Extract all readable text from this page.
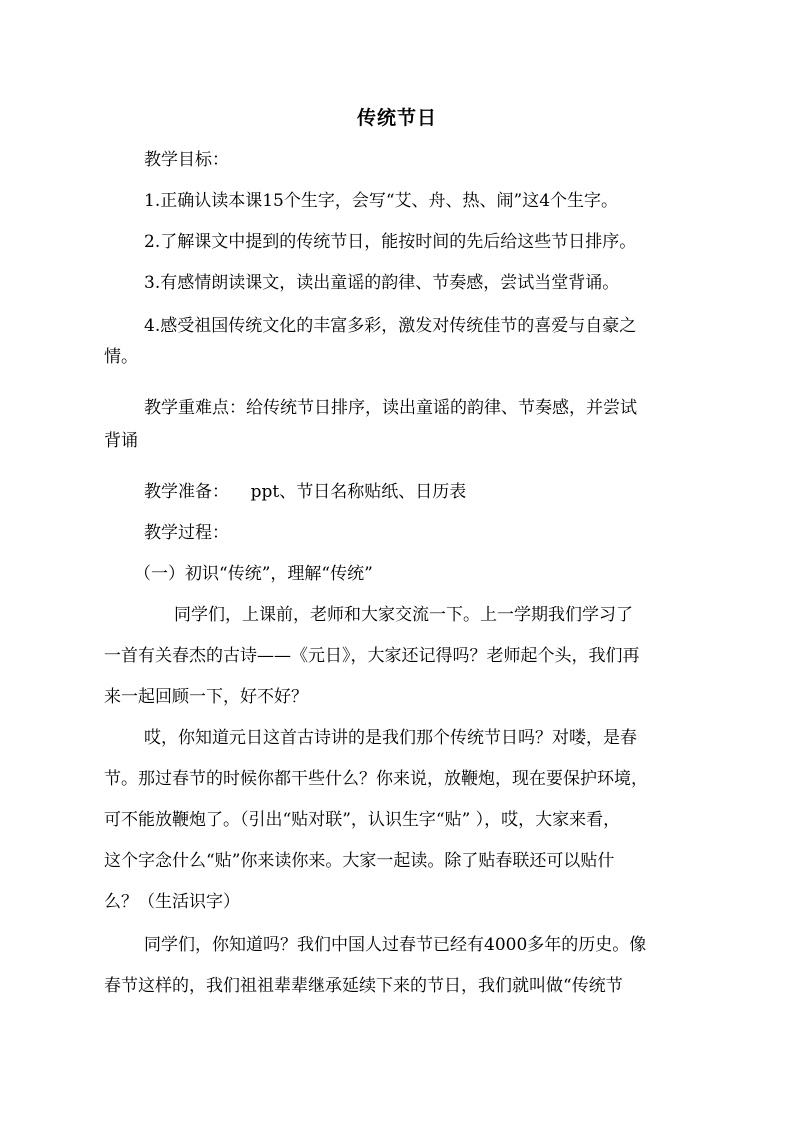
传统节日
教学目标：
1.正确认读本课15个生字，会写“艾、舟、热、闹”这4个生字。
2.了解课文中提到的传统节日，能按时间的先后给这些节日排序。
3.有感情朗读课文，读出童谣的韵律、节奏感，尝试当堂背诵。
4.感受祖国传统文化的丰富多彩，激发对传统佳节的喜爱与自豪之
情。
教学重难点：给传统节日排序，读出童谣的韵律、节奏感，并尝试
背诵
教学准备：    ppt、节日名称贴纸、日历表
教学过程：
（一）初识“传统”，理解“传统”
同学们，上课前，老师和大家交流一下。上一学期我们学习了
一首有关春杰的古诗——《元日》，大家还记得吗？老师起个头，我们再
来一起回顾一下，好不好？
哎，你知道元日这首古诗讲的是我们那个传统节日吗？对喽，是春
节。那过春节的时候你都干些什么？你来说，放鞭炮，现在要保护环境，
可不能放鞭炮了。（引出“贴对联”，认识生字“贴” ），哎，大家来看，
这个字念什么“贴”你来读你来。大家一起读。除了贴春联还可以贴什
么？（生活识字）
同学们，你知道吗？我们中国人过春节已经有4000多年的历史。像
春节这样的，我们祖祖辈辈继承延续下来的节日，我们就叫做“传统节
